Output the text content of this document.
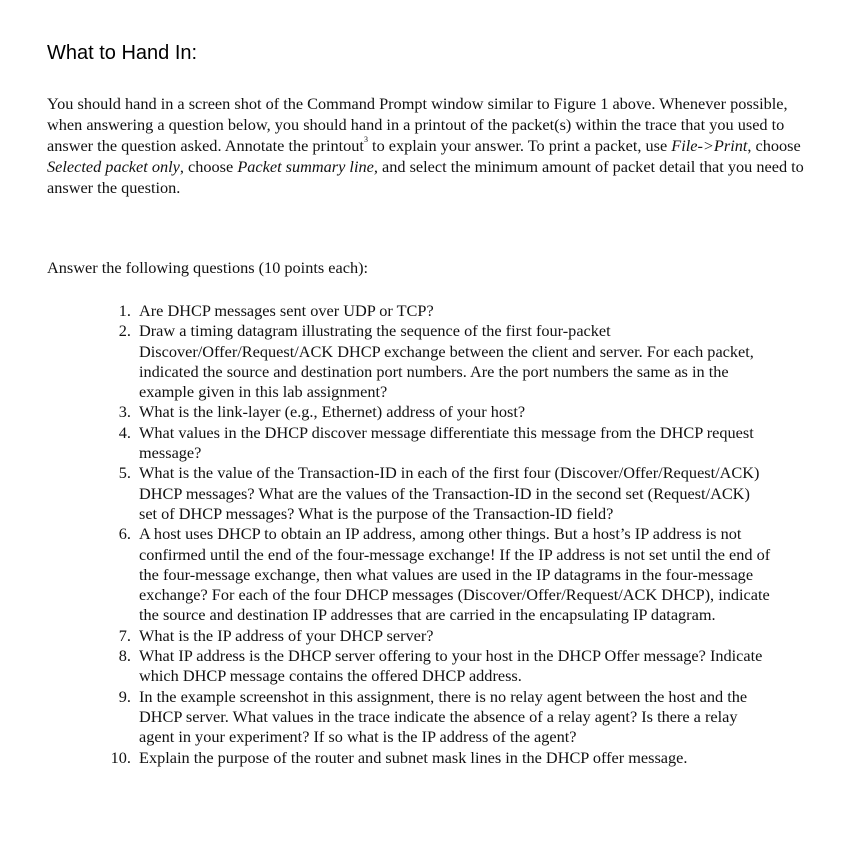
What to Hand In:

You should hand in a screen shot of the Command Prompt window similar to Figure 1 above. Whenever possible, when answering a question below, you should hand in a printout of the packet(s) within the trace that you used to answer the question asked. Annotate the printout$^3$ to explain your answer. To print a packet, use File->Print, choose Selected packet only, choose Packet summary line, and select the minimum amount of packet detail that you need to answer the question.

Answer the following questions (10 points each):

1. Are DHCP messages sent over UDP or TCP?
2. Draw a timing datagram illustrating the sequence of the first four-packet Discover/Offer/Request/ACK DHCP exchange between the client and server. For each packet, indicated the source and destination port numbers. Are the port numbers the same as in the example given in this lab assignment?
3. What is the link-layer (e.g., Ethernet) address of your host?
4. What values in the DHCP discover message differentiate this message from the DHCP request message?
5. What is the value of the Transaction-ID in each of the first four (Discover/Offer/Request/ACK) DHCP messages? What are the values of the Transaction-ID in the second set (Request/ACK) set of DHCP messages? What is the purpose of the Transaction-ID field?
6. A host uses DHCP to obtain an IP address, among other things. But a host’s IP address is not confirmed until the end of the four-message exchange! If the IP address is not set until the end of the four-message exchange, then what values are used in the IP datagrams in the four-message exchange? For each of the four DHCP messages (Discover/Offer/Request/ACK DHCP), indicate the source and destination IP addresses that are carried in the encapsulating IP datagram.
7. What is the IP address of your DHCP server?
8. What IP address is the DHCP server offering to your host in the DHCP Offer message? Indicate which DHCP message contains the offered DHCP address.
9. In the example screenshot in this assignment, there is no relay agent between the host and the DHCP server. What values in the trace indicate the absence of a relay agent? Is there a relay agent in your experiment? If so what is the IP address of the agent?
10. Explain the purpose of the router and subnet mask lines in the DHCP offer message.
